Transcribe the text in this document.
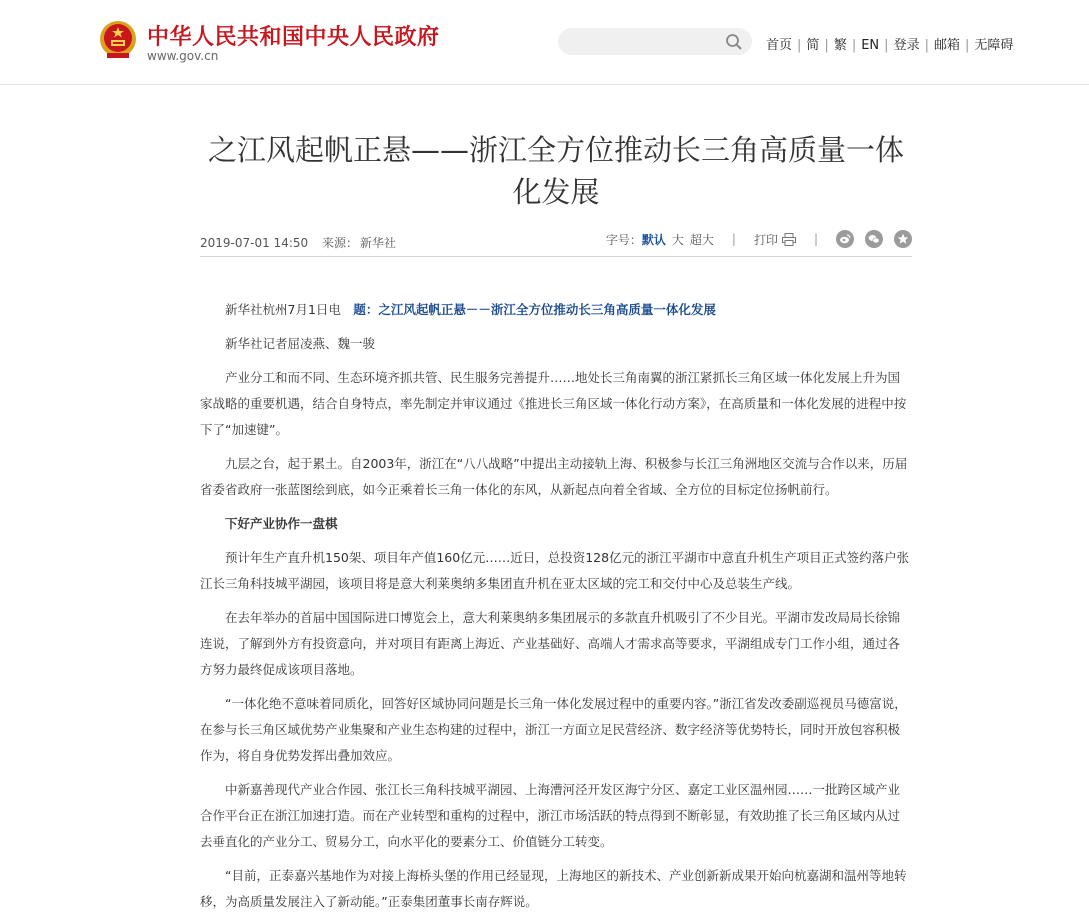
中华人民共和国中央人民政府
www.gov.cn
首页 | 简 | 繁 | EN | 登录 | 邮箱 | 无障碍
之江风起帆正悬——浙江全方位推动长三角高质量一体
化发展
2019-07-01 14:50 来源： 新华社	字号： 默认 大 超大 | 打印	|

新华社杭州7月1日电　题：之江风起帆正悬－－浙江全方位推动长三角高质量一体化发展

新华社记者屈凌燕、魏一骏

产业分工和而不同、生态环境齐抓共管、民生服务完善提升……地处长三角南翼的浙江紧抓长三角区域一体化发展上升为国家战略的重要机遇，结合自身特点，率先制定并审议通过《推进长三角区域一体化行动方案》，在高质量和一体化发展的进程中按下了“加速键”。

九层之台，起于累土。自2003年，浙江在“八八战略”中提出主动接轨上海、积极参与长江三角洲地区交流与合作以来，历届省委省政府一张蓝图绘到底，如今正乘着长三角一体化的东风，从新起点向着全省域、全方位的目标定位扬帆前行。

下好产业协作一盘棋

预计年生产直升机150架、项目年产值160亿元……近日，总投资128亿元的浙江平湖市中意直升机生产项目正式签约落户张江长三角科技城平湖园，该项目将是意大利莱奥纳多集团直升机在亚太区域的完工和交付中心及总装生产线。

在去年举办的首届中国国际进口博览会上，意大利莱奥纳多集团展示的多款直升机吸引了不少目光。平湖市发改局局长徐锦连说，了解到外方有投资意向，并对项目有距离上海近、产业基础好、高端人才需求高等要求，平湖组成专门工作小组，通过各方努力最终促成该项目落地。

“一体化绝不意味着同质化，回答好区域协同问题是长三角一体化发展过程中的重要内容。”浙江省发改委副巡视员马德富说，在参与长三角区域优势产业集聚和产业生态构建的过程中，浙江一方面立足民营经济、数字经济等优势特长，同时开放包容积极作为，将自身优势发挥出叠加效应。

中新嘉善现代产业合作园、张江长三角科技城平湖园、上海漕河泾开发区海宁分区、嘉定工业区温州园……一批跨区域产业合作平台正在浙江加速打造。而在产业转型和重构的过程中，浙江市场活跃的特点得到不断彰显，有效助推了长三角区域内从过去垂直化的产业分工、贸易分工，向水平化的要素分工、价值链分工转变。

“目前，正泰嘉兴基地作为对接上海桥头堡的作用已经显现，上海地区的新技术、产业创新新成果开始向杭嘉湖和温州等地转移，为高质量发展注入了新动能。”正泰集团董事长南存辉说。
